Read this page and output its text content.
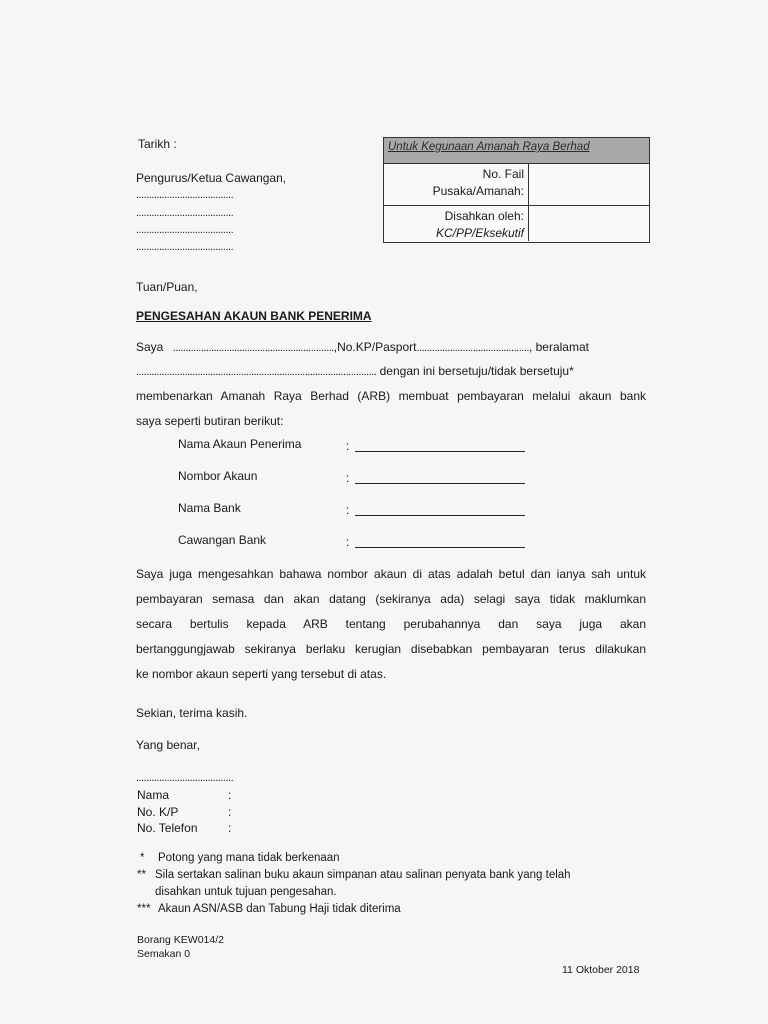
Tarikh :
Pengurus/Ketua Cawangan,
......................................
......................................
......................................
......................................
Untuk Kegunaan Amanah Raya Berhad
No. Fail
Pusaka/Amanah:
Disahkan oleh:
KC/PP/Eksekutif
Tuan/Puan,
PENGESAHAN AKAUN BANK PENERIMA
Saya ...............................................................,No.KP/Pasport............................................, beralamat
.............................................................................................. dengan ini bersetuju/tidak bersetuju*
membenarkan Amanah Raya Berhad (ARB) membuat pembayaran melalui akaun bank
saya seperti butiran berikut:
Nama Akaun Penerima	:
Nombor Akaun	:
Nama Bank	:
Cawangan Bank	:
Saya juga mengesahkan bahawa nombor akaun di atas adalah betul dan ianya sah untuk
pembayaran semasa dan akan datang (sekiranya ada) selagi saya tidak maklumkan
secara bertulis kepada ARB tentang perubahannya dan saya juga akan
bertanggungjawab sekiranya berlaku kerugian disebabkan pembayaran terus dilakukan
ke nombor akaun seperti yang tersebut di atas.
Sekian, terima kasih.
Yang benar,
......................................
Nama	:
No. K/P	:
No. Telefon	:
* Potong yang mana tidak berkenaan
** Sila sertakan salinan buku akaun simpanan atau salinan penyata bank yang telah
disahkan untuk tujuan pengesahan.
*** Akaun ASN/ASB dan Tabung Haji tidak diterima
Borang KEW014/2
Semakan 0
11 Oktober 2018
